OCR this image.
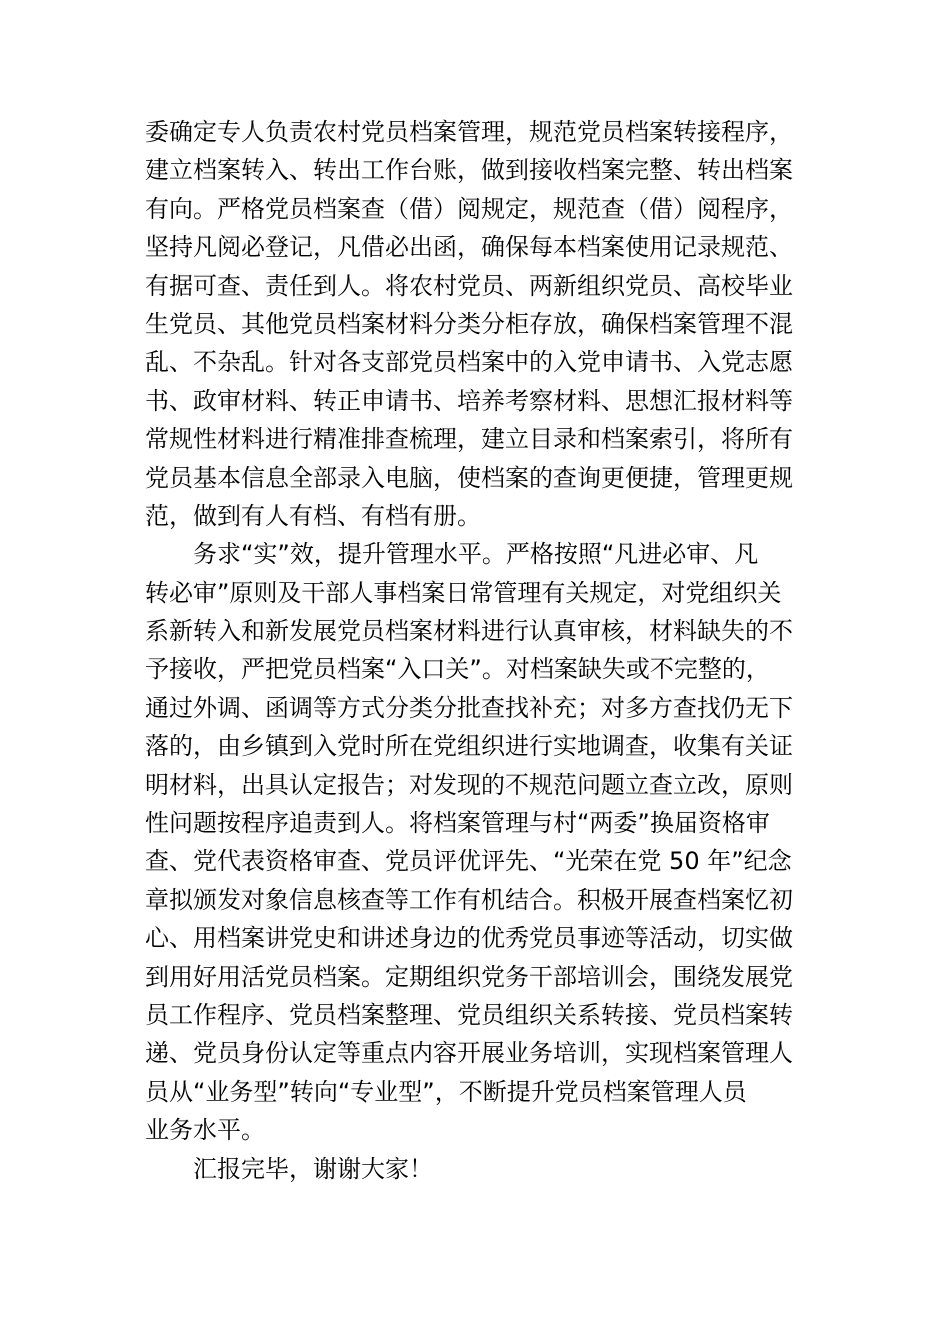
委确定专人负责农村党员档案管理，规范党员档案转接程序，
建立档案转入、转出工作台账，做到接收档案完整、转出档案
有向。严格党员档案查（借）阅规定，规范查（借）阅程序，
坚持凡阅必登记，凡借必出函，确保每本档案使用记录规范、
有据可查、责任到人。将农村党员、两新组织党员、高校毕业
生党员、其他党员档案材料分类分柜存放，确保档案管理不混
乱、不杂乱。针对各支部党员档案中的入党申请书、入党志愿
书、政审材料、转正申请书、培养考察材料、思想汇报材料等
常规性材料进行精准排查梳理，建立目录和档案索引，将所有
党员基本信息全部录入电脑，使档案的查询更便捷，管理更规
范，做到有人有档、有档有册。
务求“实”效，提升管理水平。严格按照“凡进必审、凡
转必审”原则及干部人事档案日常管理有关规定，对党组织关
系新转入和新发展党员档案材料进行认真审核，材料缺失的不
予接收，严把党员档案“入口关”。对档案缺失或不完整的，
通过外调、函调等方式分类分批查找补充；对多方查找仍无下
落的，由乡镇到入党时所在党组织进行实地调查，收集有关证
明材料，出具认定报告；对发现的不规范问题立查立改，原则
性问题按程序追责到人。将档案管理与村“两委”换届资格审
查、党代表资格审查、党员评优评先、“光荣在党 50 年”纪念
章拟颁发对象信息核查等工作有机结合。积极开展查档案忆初
心、用档案讲党史和讲述身边的优秀党员事迹等活动，切实做
到用好用活党员档案。定期组织党务干部培训会，围绕发展党
员工作程序、党员档案整理、党员组织关系转接、党员档案转
递、党员身份认定等重点内容开展业务培训，实现档案管理人
员从“业务型”转向“专业型”，不断提升党员档案管理人员
业务水平。
汇报完毕，谢谢大家！
